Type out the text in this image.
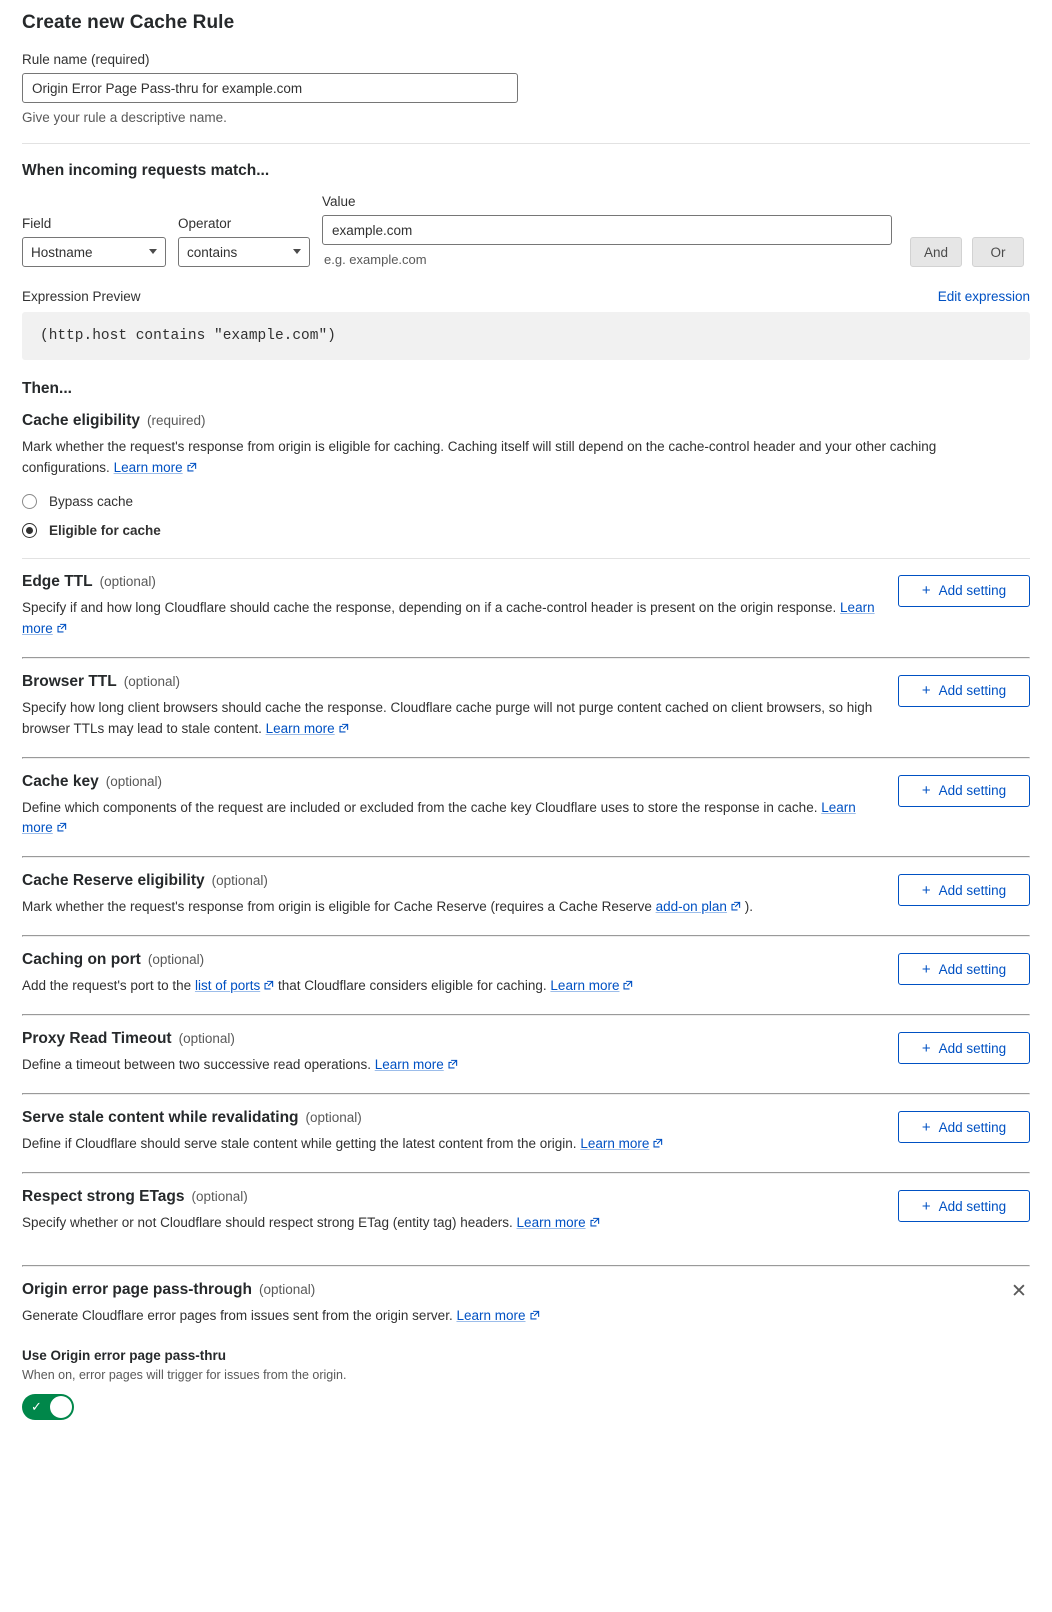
Create new Cache Rule
Rule name (required)
Origin Error Page Pass-thru for example.com
Give your rule a descriptive name.
When incoming requests match...
Field
Hostname	Operator
contains
Value
example.com
e.g. example.com	And	Or
Expression Preview	Edit expression
(http.host contains "example.com")
Then...
Cache eligibility (required)
Mark whether the request's response from origin is eligible for caching. Caching itself will still depend on the cache-control header and your other caching configurations. Learn more
Bypass cache
Eligible for cache
Edge TTL (optional)
Specify if and how long Cloudflare should cache the response, depending on if a cache-control header is present on the origin response. Learn more
+ Add setting
Browser TTL (optional)
Specify how long client browsers should cache the response. Cloudflare cache purge will not purge content cached on client browsers, so high browser TTLs may lead to stale content. Learn more
+ Add setting
Cache key (optional)
Define which components of the request are included or excluded from the cache key Cloudflare uses to store the response in cache. Learn more
+ Add setting
Cache Reserve eligibility (optional)
Mark whether the request's response from origin is eligible for Cache Reserve (requires a Cache Reserve add-on plan ).
+ Add setting
Caching on port (optional)
Add the request's port to the list of ports that Cloudflare considers eligible for caching. Learn more
+ Add setting
Proxy Read Timeout (optional)
Define a timeout between two successive read operations. Learn more
+ Add setting
Serve stale content while revalidating (optional)
Define if Cloudflare should serve stale content while getting the latest content from the origin. Learn more
+ Add setting
Respect strong ETags (optional)
Specify whether or not Cloudflare should respect strong ETag (entity tag) headers. Learn more
+ Add setting
Origin error page pass-through (optional)
Generate Cloudflare error pages from issues sent from the origin server. Learn more
✕
Use Origin error page pass-thru
When on, error pages will trigger for issues from the origin.
✓
